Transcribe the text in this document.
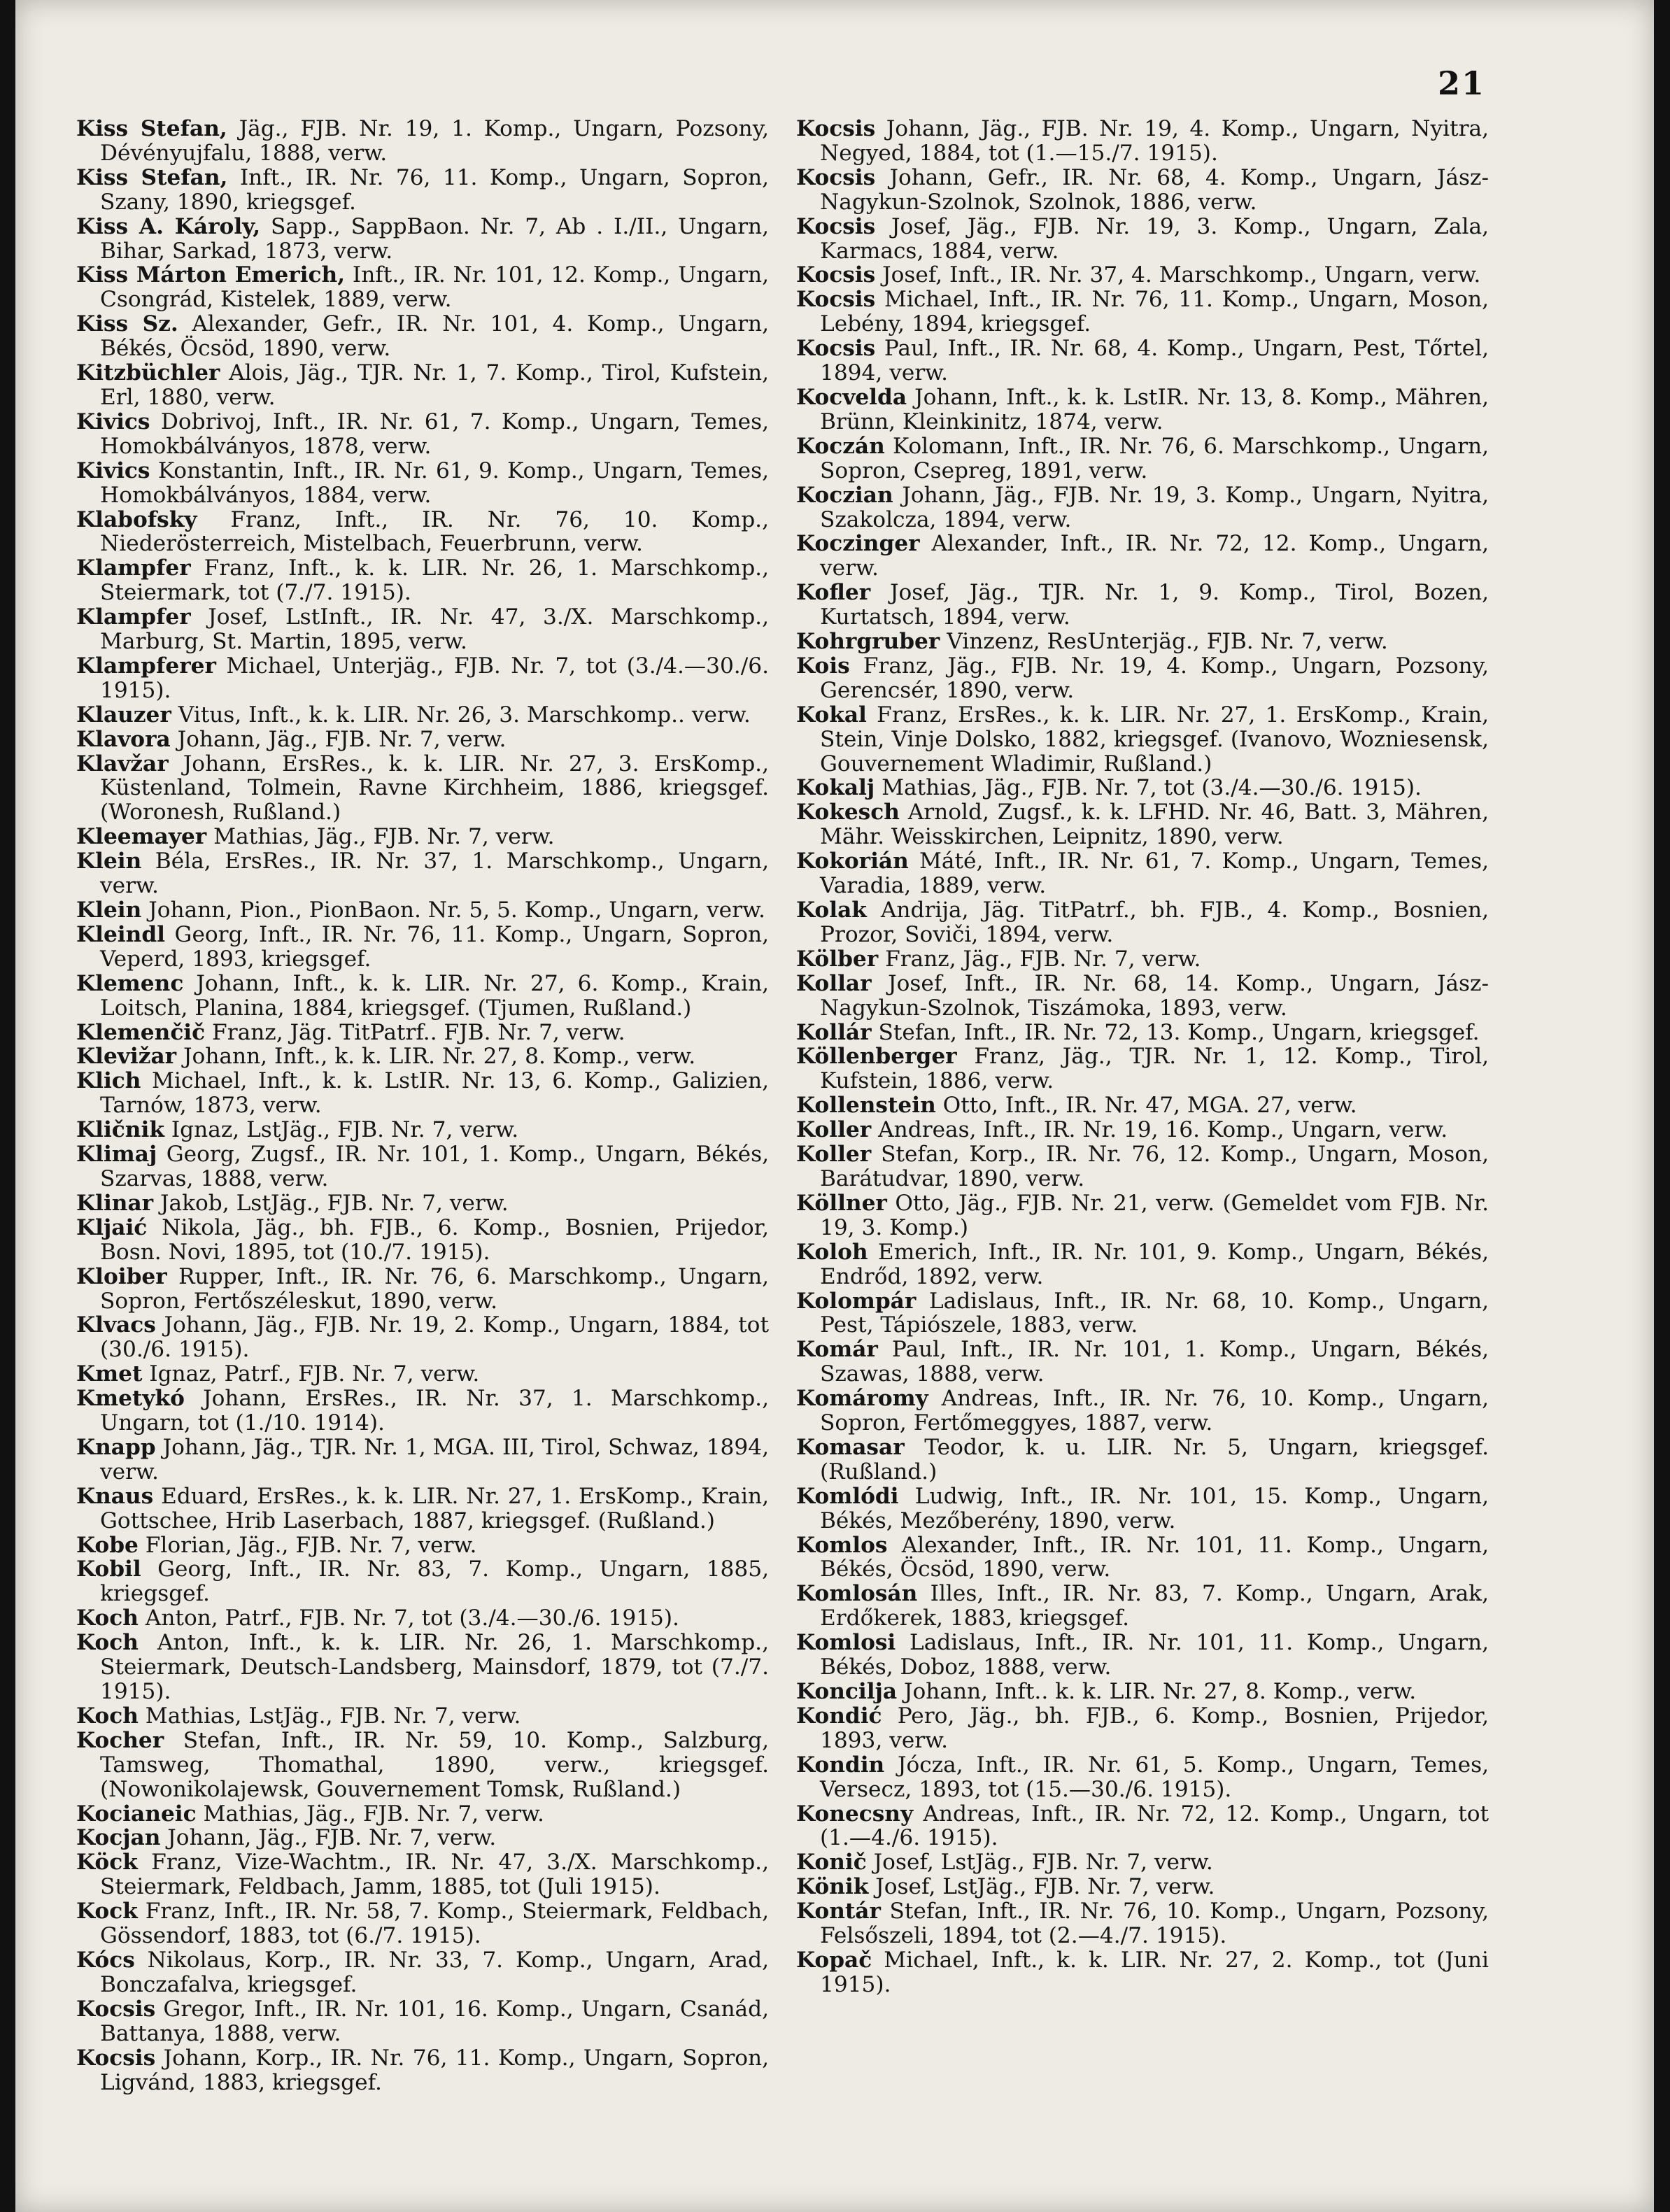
21
Kiss Stefan, Jäg., FJB. Nr. 19, 1. Komp., Ungarn, Pozsony, Dévényujfalu, 1888, verw.
Kiss Stefan, Inft., IR. Nr. 76, 11. Komp., Ungarn, Sopron, Szany, 1890, kriegsgef.
Kiss A. Károly, Sapp., SappBaon. Nr. 7, Ab . I./II., Ungarn, Bihar, Sarkad, 1873, verw.
Kiss Márton Emerich, Inft., IR. Nr. 101, 12. Komp., Ungarn, Csongrád, Kistelek, 1889, verw.
Kiss Sz. Alexander, Gefr., IR. Nr. 101, 4. Komp., Ungarn, Békés, Öcsöd, 1890, verw.
Kitzbüchler Alois, Jäg., TJR. Nr. 1, 7. Komp., Tirol, Kufstein, Erl, 1880, verw.
Kivics Dobrivoj, Inft., IR. Nr. 61, 7. Komp., Ungarn, Temes, Homokbálványos, 1878, verw.
Kivics Konstantin, Inft., IR. Nr. 61, 9. Komp., Ungarn, Temes, Homokbálványos, 1884, verw.
Klabofsky Franz, Inft., IR. Nr. 76, 10. Komp., Niederösterreich, Mistelbach, Feuerbrunn, verw.
Klampfer Franz, Inft., k. k. LIR. Nr. 26, 1. Marschkomp., Steiermark, tot (7./7. 1915).
Klampfer Josef, LstInft., IR. Nr. 47, 3./X. Marschkomp., Marburg, St. Martin, 1895, verw.
Klampferer Michael, Unterjäg., FJB. Nr. 7, tot (3./4.—30./6. 1915).
Klauzer Vitus, Inft., k. k. LIR. Nr. 26, 3. Marschkomp.. verw.
Klavora Johann, Jäg., FJB. Nr. 7, verw.
Klavžar Johann, ErsRes., k. k. LIR. Nr. 27, 3. ErsKomp., Küstenland, Tolmein, Ravne Kirchheim, 1886, kriegsgef. (Woronesh, Rußland.)
Kleemayer Mathias, Jäg., FJB. Nr. 7, verw.
Klein Béla, ErsRes., IR. Nr. 37, 1. Marschkomp., Ungarn, verw.
Klein Johann, Pion., PionBaon. Nr. 5, 5. Komp., Ungarn, verw.
Kleindl Georg, Inft., IR. Nr. 76, 11. Komp., Ungarn, Sopron, Veperd, 1893, kriegsgef.
Klemenc Johann, Inft., k. k. LIR. Nr. 27, 6. Komp., Krain, Loitsch, Planina, 1884, kriegsgef. (Tjumen, Rußland.)
Klemenčič Franz, Jäg. TitPatrf.. FJB. Nr. 7, verw.
Klevižar Johann, Inft., k. k. LIR. Nr. 27, 8. Komp., verw.
Klich Michael, Inft., k. k. LstIR. Nr. 13, 6. Komp., Galizien, Tarnów, 1873, verw.
Kličnik Ignaz, LstJäg., FJB. Nr. 7, verw.
Klimaj Georg, Zugsf., IR. Nr. 101, 1. Komp., Ungarn, Békés, Szarvas, 1888, verw.
Klinar Jakob, LstJäg., FJB. Nr. 7, verw.
Kljaić Nikola, Jäg., bh. FJB., 6. Komp., Bosnien, Prijedor, Bosn. Novi, 1895, tot (10./7. 1915).
Kloiber Rupper, Inft., IR. Nr. 76, 6. Marschkomp., Ungarn, Sopron, Fertőszéleskut, 1890, verw.
Klvacs Johann, Jäg., FJB. Nr. 19, 2. Komp., Ungarn, 1884, tot (30./6. 1915).
Kmet Ignaz, Patrf., FJB. Nr. 7, verw.
Kmetykó Johann, ErsRes., IR. Nr. 37, 1. Marschkomp., Ungarn, tot (1./10. 1914).
Knapp Johann, Jäg., TJR. Nr. 1, MGA. III, Tirol, Schwaz, 1894, verw.
Knaus Eduard, ErsRes., k. k. LIR. Nr. 27, 1. ErsKomp., Krain, Gottschee, Hrib Laserbach, 1887, kriegsgef. (Rußland.)
Kobe Florian, Jäg., FJB. Nr. 7, verw.
Kobil Georg, Inft., IR. Nr. 83, 7. Komp., Ungarn, 1885, kriegsgef.
Koch Anton, Patrf., FJB. Nr. 7, tot (3./4.—30./6. 1915).
Koch Anton, Inft., k. k. LIR. Nr. 26, 1. Marschkomp., Steiermark, Deutsch-Landsberg, Mainsdorf, 1879, tot (7./7. 1915).
Koch Mathias, LstJäg., FJB. Nr. 7, verw.
Kocher Stefan, Inft., IR. Nr. 59, 10. Komp., Salzburg, Tamsweg, Thomathal, 1890, verw., kriegsgef. (Nowonikolajewsk, Gouvernement Tomsk, Rußland.)
Kocianeic Mathias, Jäg., FJB. Nr. 7, verw.
Kocjan Johann, Jäg., FJB. Nr. 7, verw.
Köck Franz, Vize-Wachtm., IR. Nr. 47, 3./X. Marschkomp., Steiermark, Feldbach, Jamm, 1885, tot (Juli 1915).
Kock Franz, Inft., IR. Nr. 58, 7. Komp., Steiermark, Feldbach, Gössendorf, 1883, tot (6./7. 1915).
Kócs Nikolaus, Korp., IR. Nr. 33, 7. Komp., Ungarn, Arad, Bonczafalva, kriegsgef.
Kocsis Gregor, Inft., IR. Nr. 101, 16. Komp., Ungarn, Csanád, Battanya, 1888, verw.
Kocsis Johann, Korp., IR. Nr. 76, 11. Komp., Ungarn, Sopron, Ligvánd, 1883, kriegsgef.
Kocsis Johann, Jäg., FJB. Nr. 19, 4. Komp., Ungarn, Nyitra, Negyed, 1884, tot (1.—15./7. 1915).
Kocsis Johann, Gefr., IR. Nr. 68, 4. Komp., Ungarn, Jász-Nagykun-Szolnok, Szolnok, 1886, verw.
Kocsis Josef, Jäg., FJB. Nr. 19, 3. Komp., Ungarn, Zala, Karmacs, 1884, verw.
Kocsis Josef, Inft., IR. Nr. 37, 4. Marschkomp., Ungarn, verw.
Kocsis Michael, Inft., IR. Nr. 76, 11. Komp., Ungarn, Moson, Lebény, 1894, kriegsgef.
Kocsis Paul, Inft., IR. Nr. 68, 4. Komp., Ungarn, Pest, Tőrtel, 1894, verw.
Kocvelda Johann, Inft., k. k. LstIR. Nr. 13, 8. Komp., Mähren, Brünn, Kleinkinitz, 1874, verw.
Koczán Kolomann, Inft., IR. Nr. 76, 6. Marschkomp., Ungarn, Sopron, Csepreg, 1891, verw.
Koczian Johann, Jäg., FJB. Nr. 19, 3. Komp., Ungarn, Nyitra, Szakolcza, 1894, verw.
Koczinger Alexander, Inft., IR. Nr. 72, 12. Komp., Ungarn, verw.
Kofler Josef, Jäg., TJR. Nr. 1, 9. Komp., Tirol, Bozen, Kurtatsch, 1894, verw.
Kohrgruber Vinzenz, ResUnterjäg., FJB. Nr. 7, verw.
Kois Franz, Jäg., FJB. Nr. 19, 4. Komp., Ungarn, Pozsony, Gerencsér, 1890, verw.
Kokal Franz, ErsRes., k. k. LIR. Nr. 27, 1. ErsKomp., Krain, Stein, Vinje Dolsko, 1882, kriegsgef. (Ivanovo, Wozniesensk, Gouvernement Wladimir, Rußland.)
Kokalj Mathias, Jäg., FJB. Nr. 7, tot (3./4.—30./6. 1915).
Kokesch Arnold, Zugsf., k. k. LFHD. Nr. 46, Batt. 3, Mähren, Mähr. Weisskirchen, Leipnitz, 1890, verw.
Kokorián Máté, Inft., IR. Nr. 61, 7. Komp., Ungarn, Temes, Varadia, 1889, verw.
Kolak Andrija, Jäg. TitPatrf., bh. FJB., 4. Komp., Bosnien, Prozor, Soviči, 1894, verw.
Kölber Franz, Jäg., FJB. Nr. 7, verw.
Kollar Josef, Inft., IR. Nr. 68, 14. Komp., Ungarn, Jász-Nagykun-Szolnok, Tiszámoka, 1893, verw.
Kollár Stefan, Inft., IR. Nr. 72, 13. Komp., Ungarn, kriegsgef.
Köllenberger Franz, Jäg., TJR. Nr. 1, 12. Komp., Tirol, Kufstein, 1886, verw.
Kollenstein Otto, Inft., IR. Nr. 47, MGA. 27, verw.
Koller Andreas, Inft., IR. Nr. 19, 16. Komp., Ungarn, verw.
Koller Stefan, Korp., IR. Nr. 76, 12. Komp., Ungarn, Moson, Barátudvar, 1890, verw.
Köllner Otto, Jäg., FJB. Nr. 21, verw. (Gemeldet vom FJB. Nr. 19, 3. Komp.)
Koloh Emerich, Inft., IR. Nr. 101, 9. Komp., Ungarn, Békés, Endrőd, 1892, verw.
Kolompár Ladislaus, Inft., IR. Nr. 68, 10. Komp., Ungarn, Pest, Tápiószele, 1883, verw.
Komár Paul, Inft., IR. Nr. 101, 1. Komp., Ungarn, Békés, Szawas, 1888, verw.
Komáromy Andreas, Inft., IR. Nr. 76, 10. Komp., Ungarn, Sopron, Fertőmeggyes, 1887, verw.
Komasar Teodor, k. u. LIR. Nr. 5, Ungarn, kriegsgef. (Rußland.)
Komlódi Ludwig, Inft., IR. Nr. 101, 15. Komp., Ungarn, Békés, Mezőberény, 1890, verw.
Komlos Alexander, Inft., IR. Nr. 101, 11. Komp., Ungarn, Békés, Öcsöd, 1890, verw.
Komlosán Illes, Inft., IR. Nr. 83, 7. Komp., Ungarn, Arak, Erdőkerek, 1883, kriegsgef.
Komlosi Ladislaus, Inft., IR. Nr. 101, 11. Komp., Ungarn, Békés, Doboz, 1888, verw.
Koncilja Johann, Inft.. k. k. LIR. Nr. 27, 8. Komp., verw.
Kondić Pero, Jäg., bh. FJB., 6. Komp., Bosnien, Prijedor, 1893, verw.
Kondin Jócza, Inft., IR. Nr. 61, 5. Komp., Ungarn, Temes, Versecz, 1893, tot (15.—30./6. 1915).
Konecsny Andreas, Inft., IR. Nr. 72, 12. Komp., Ungarn, tot (1.—4./6. 1915).
Konič Josef, LstJäg., FJB. Nr. 7, verw.
Könik Josef, LstJäg., FJB. Nr. 7, verw.
Kontár Stefan, Inft., IR. Nr. 76, 10. Komp., Ungarn, Pozsony, Felsőszeli, 1894, tot (2.—4./7. 1915).
Kopač Michael, Inft., k. k. LIR. Nr. 27, 2. Komp., tot (Juni 1915).
